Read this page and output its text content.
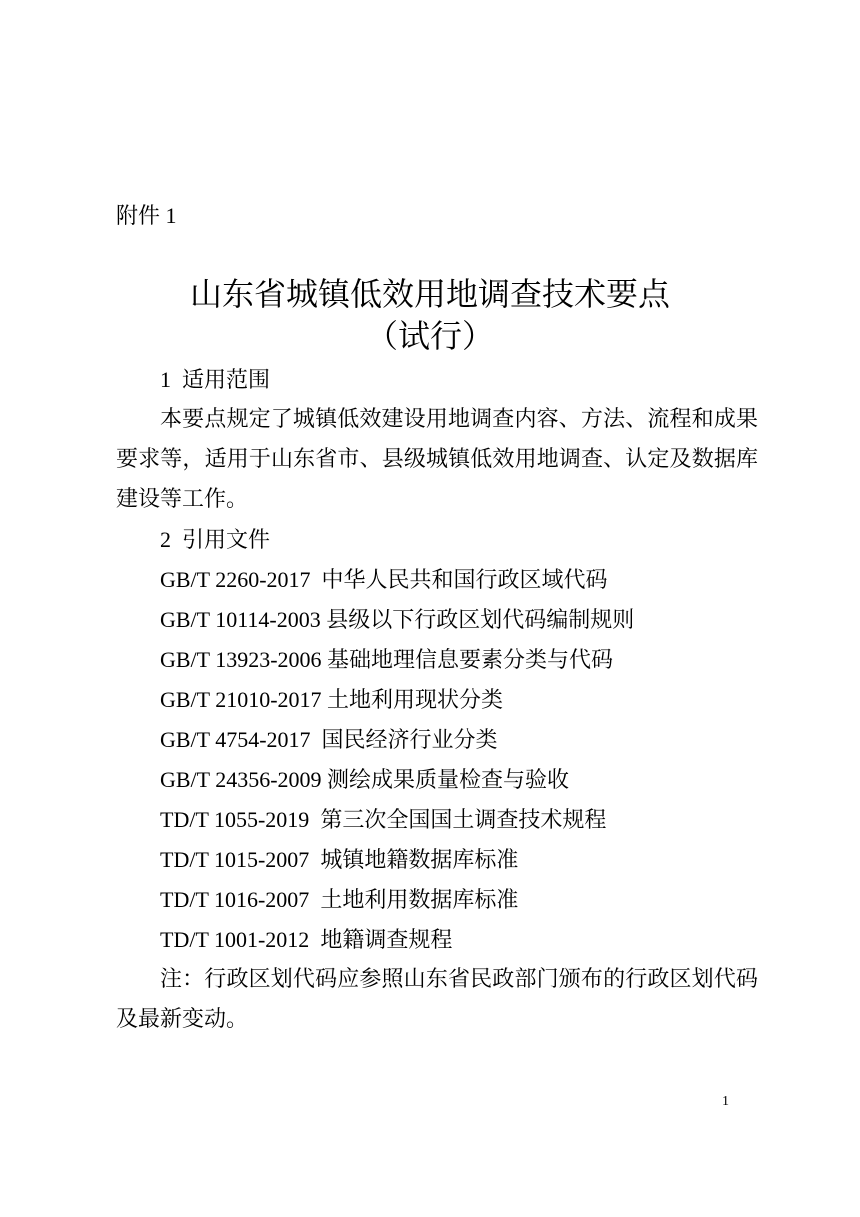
附件 1
山东省城镇低效用地调查技术要点
（试行）
1 适用范围
本要点规定了城镇低效建设用地调查内容、方法、流程和成果要求等，适用于山东省市、县级城镇低效用地调查、认定及数据库建设等工作。
2 引用文件
GB/T 2260-2017 中华人民共和国行政区域代码
GB/T 10114-2003 县级以下行政区划代码编制规则
GB/T 13923-2006 基础地理信息要素分类与代码
GB/T 21010-2017 土地利用现状分类
GB/T 4754-2017 国民经济行业分类
GB/T 24356-2009 测绘成果质量检查与验收
TD/T 1055-2019 第三次全国国土调查技术规程
TD/T 1015-2007 城镇地籍数据库标准
TD/T 1016-2007 土地利用数据库标准
TD/T 1001-2012 地籍调查规程
注：行政区划代码应参照山东省民政部门颁布的行政区划代码及最新变动。
1
